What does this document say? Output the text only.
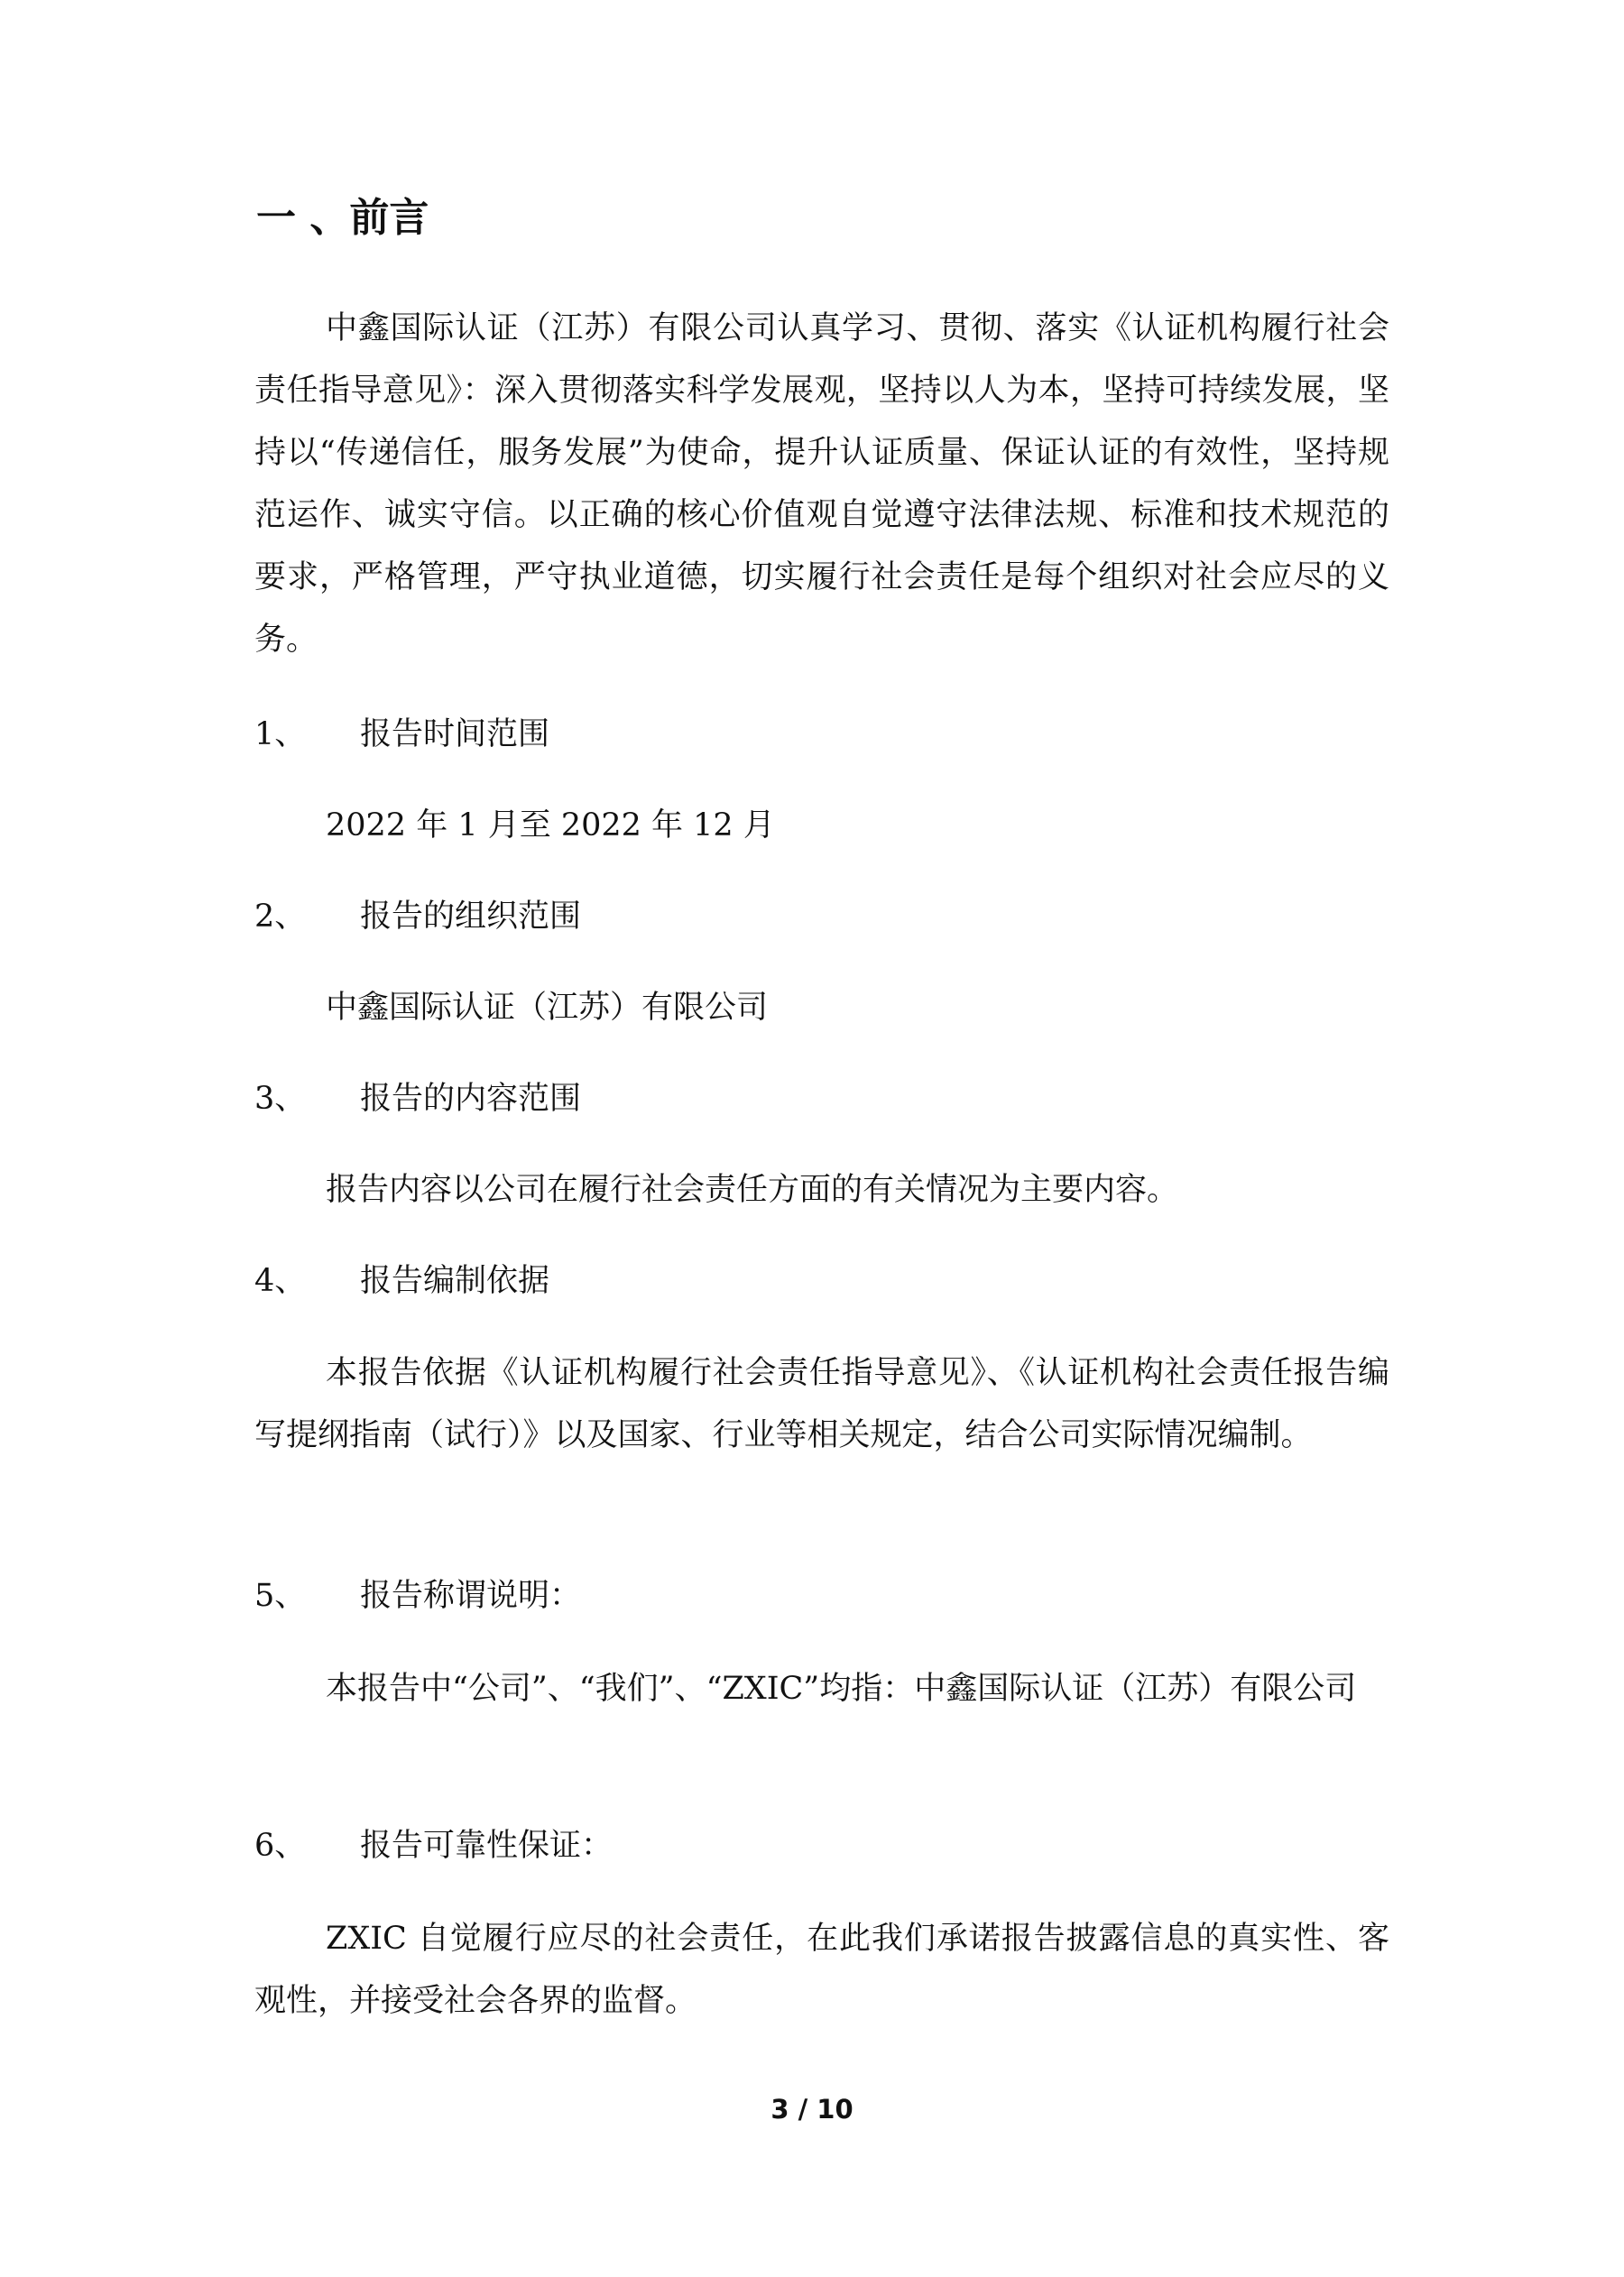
一 、前言
中鑫国际认证（江苏）有限公司认真学习、贯彻、落实《认证机构履行社会责任指导意见》：深入贯彻落实科学发展观，坚持以人为本，坚持可持续发展，坚持以“传递信任，服务发展”为使命，提升认证质量、保证认证的有效性，坚持规范运作、诚实守信。以正确的核心价值观自觉遵守法律法规、标准和技术规范的要求，严格管理，严守执业道德，切实履行社会责任是每个组织对社会应尽的义务。
1、 报告时间范围
2022 年 1 月至 2022 年 12 月
2、 报告的组织范围
中鑫国际认证（江苏）有限公司
3、 报告的内容范围
报告内容以公司在履行社会责任方面的有关情况为主要内容。
4、 报告编制依据
本报告依据《认证机构履行社会责任指导意见》、《认证机构社会责任报告编写提纲指南（试行）》以及国家、行业等相关规定，结合公司实际情况编制。
5、 报告称谓说明：
本报告中“公司”、“我们”、“ZXIC”均指：中鑫国际认证（江苏）有限公司
6、 报告可靠性保证：
ZXIC 自觉履行应尽的社会责任，在此我们承诺报告披露信息的真实性、客观性，并接受社会各界的监督。
3 / 10
